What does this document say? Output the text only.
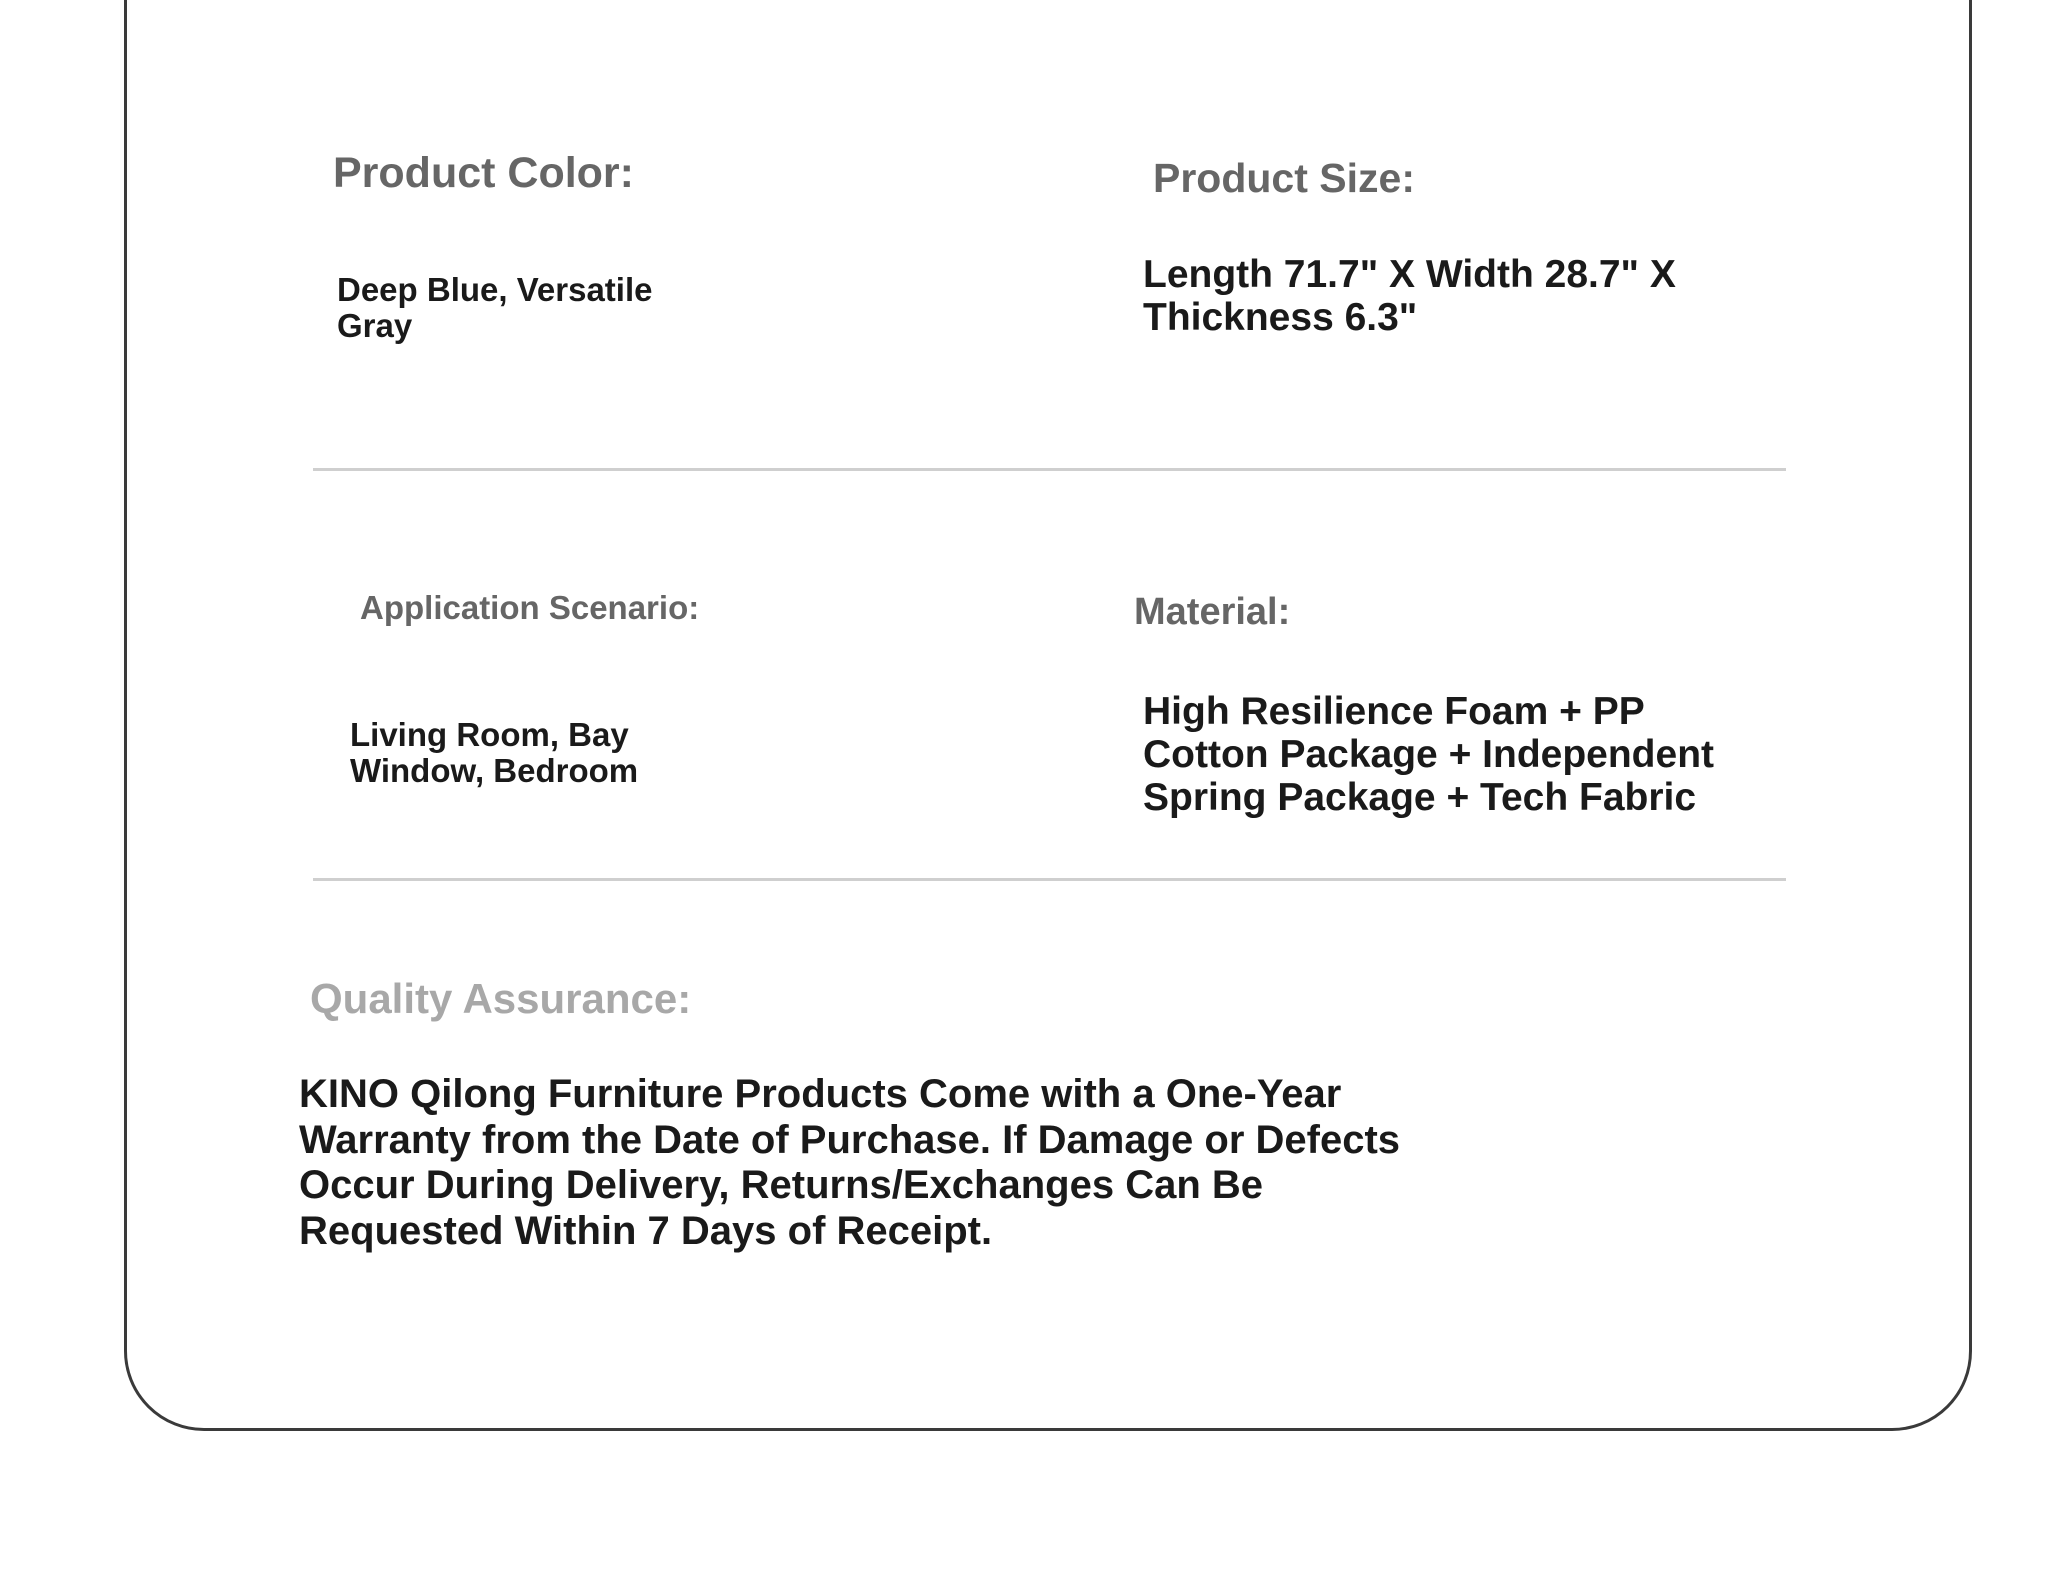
Product Color:
Deep Blue, Versatile Gray
Product Size:
Length 71.7" X Width 28.7" X Thickness 6.3"
Application Scenario:
Living Room, Bay Window, Bedroom
Material:
High Resilience Foam + PP Cotton Package + Independent Spring Package + Tech Fabric
Quality Assurance:
KINO Qilong Furniture Products Come with a One-Year Warranty from the Date of Purchase. If Damage or Defects Occur During Delivery, Returns/Exchanges Can Be Requested Within 7 Days of Receipt.
